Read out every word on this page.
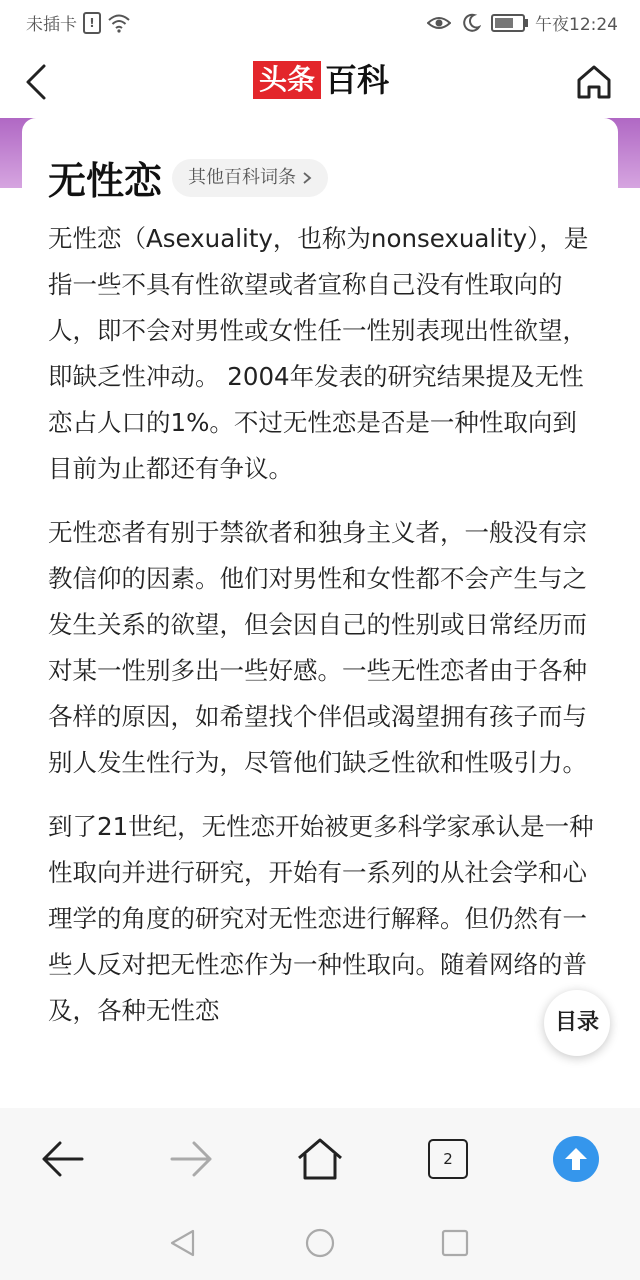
未插卡	!	午夜12:24
头条 百科
无性恋 其他百科词条

无性恋（Asexuality，也称为nonsexuality），是指一些不具有性欲望或者宣称自己没有性取向的人，即不会对男性或女性任一性别表现出性欲望，即缺乏性冲动。 2004年发表的研究结果提及无性恋占人口的1%。不过无性恋是否是一种性取向到目前为止都还有争议。

无性恋者有别于禁欲者和独身主义者，一般没有宗教信仰的因素。他们对男性和女性都不会产生与之发生关系的欲望，但会因自己的性别或日常经历而对某一性别多出一些好感。一些无性恋者由于各种各样的原因，如希望找个伴侣或渴望拥有孩子而与别人发生性行为，尽管他们缺乏性欲和性吸引力。

到了21世纪，无性恋开始被更多科学家承认是一种性取向并进行研究，开始有一系列的从社会学和心理学的角度的研究对无性恋进行解释。但仍然有一些人反对把无性恋作为一种性取向。随着网络的普及，各种无性恋	目录
2
